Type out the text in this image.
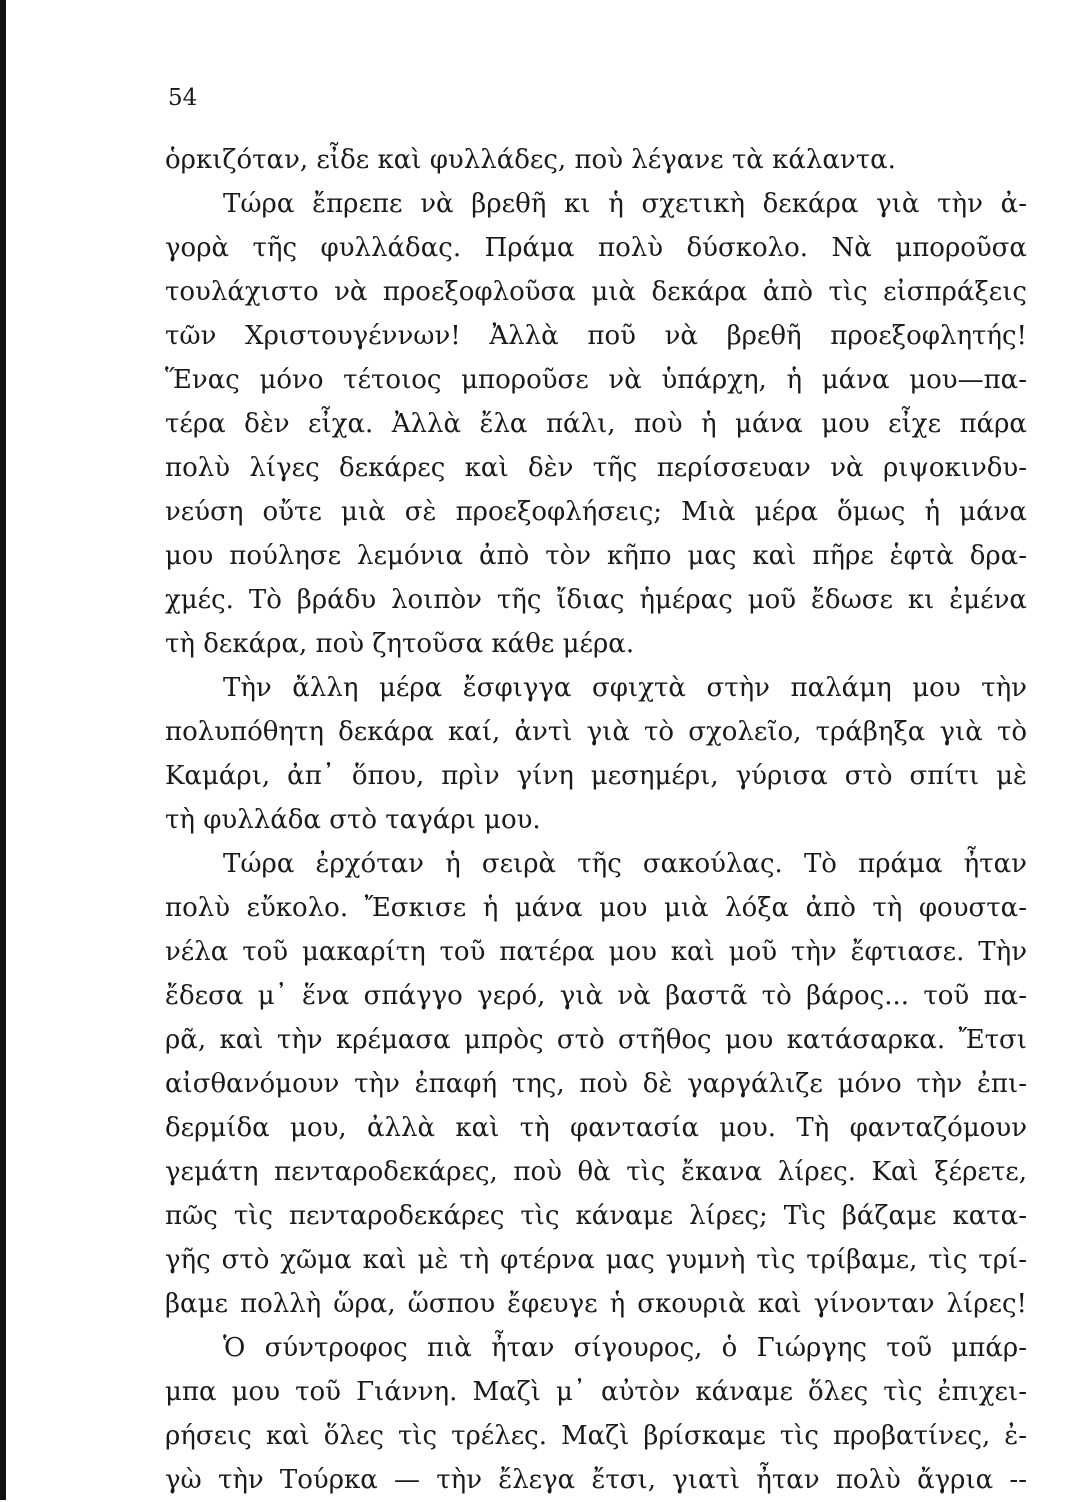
54
ὁρκιζόταν, εἶδε καὶ φυλλάδες, ποὺ λέγανε τὰ κάλαντα.
Τώρα ἔπρεπε νὰ βρεθῆ κι ἡ σχετικὴ δεκάρα γιὰ τὴν ἀ-
γορὰ τῆς φυλλάδας. Πράμα πολὺ δύσκολο. Νὰ μποροῦσα
τουλάχιστο νὰ προεξοφλοῦσα μιὰ δεκάρα ἀπὸ τὶς εἰσπράξεις
τῶν Χριστουγέννων! Ἀλλὰ ποῦ νὰ βρεθῆ προεξοφλητής!
Ἕνας μόνο τέτοιος μποροῦσε νὰ ὑπάρχη, ἡ μάνα μου—πα-
τέρα δὲν εἶχα. Ἀλλὰ ἔλα πάλι, ποὺ ἡ μάνα μου εἶχε πάρα
πολὺ λίγες δεκάρες καὶ δὲν τῆς περίσσευαν νὰ ριψοκινδυ-
νεύση οὔτε μιὰ σὲ προεξοφλήσεις; Μιὰ μέρα ὅμως ἡ μάνα
μου πούλησε λεμόνια ἀπὸ τὸν κῆπο μας καὶ πῆρε ἑφτὰ δρα-
χμές. Τὸ βράδυ λοιπὸν τῆς ἴδιας ἡμέρας μοῦ ἔδωσε κι ἐμένα
τὴ δεκάρα, ποὺ ζητοῦσα κάθε μέρα.
Τὴν ἄλλη μέρα ἔσφιγγα σφιχτὰ στὴν παλάμη μου τὴν
πολυπόθητη δεκάρα καί, ἀντὶ γιὰ τὸ σχολεῖο, τράβηξα γιὰ τὸ
Καμάρι, ἀπ᾿ ὅπου, πρὶν γίνη μεσημέρι, γύρισα στὸ σπίτι μὲ
τὴ φυλλάδα στὸ ταγάρι μου.
Τώρα ἐρχόταν ἡ σειρὰ τῆς σακούλας. Τὸ πράμα ἦταν
πολὺ εὔκολο. Ἔσκισε ἡ μάνα μου μιὰ λόξα ἀπὸ τὴ φουστα-
νέλα τοῦ μακαρίτη τοῦ πατέρα μου καὶ μοῦ τὴν ἔφτιασε. Τὴν
ἔδεσα μ᾿ ἕνα σπάγγο γερό, γιὰ νὰ βαστᾶ τὸ βάρος... τοῦ πα-
ρᾶ, καὶ τὴν κρέμασα μπρὸς στὸ στῆθος μου κατάσαρκα. Ἔτσι
αἰσθανόμουν τὴν ἐπαφή της, ποὺ δὲ γαργάλιζε μόνο τὴν ἐπι-
δερμίδα μου, ἀλλὰ καὶ τὴ φαντασία μου. Τὴ φανταζόμουν
γεμάτη πενταροδεκάρες, ποὺ θὰ τὶς ἔκανα λίρες. Καὶ ξέρετε,
πῶς τὶς πενταροδεκάρες τὶς κάναμε λίρες; Τὶς βάζαμε κατα-
γῆς στὸ χῶμα καὶ μὲ τὴ φτέρνα μας γυμνὴ τὶς τρίβαμε, τὶς τρί-
βαμε πολλὴ ὥρα, ὥσπου ἔφευγε ἡ σκουριὰ καὶ γίνονταν λίρες!
Ὁ σύντροφος πιὰ ἦταν σίγουρος, ὁ Γιώργης τοῦ μπάρ-
μπα μου τοῦ Γιάννη. Μαζὶ μ᾿ αὐτὸν κάναμε ὅλες τὶς ἐπιχει-
ρήσεις καὶ ὅλες τὶς τρέλες. Μαζὶ βρίσκαμε τὶς προβατίνες, ἐ-
γὼ τὴν Τούρκα — τὴν ἔλεγα ἔτσι, γιατὶ ἦταν πολὺ ἄγρια --
